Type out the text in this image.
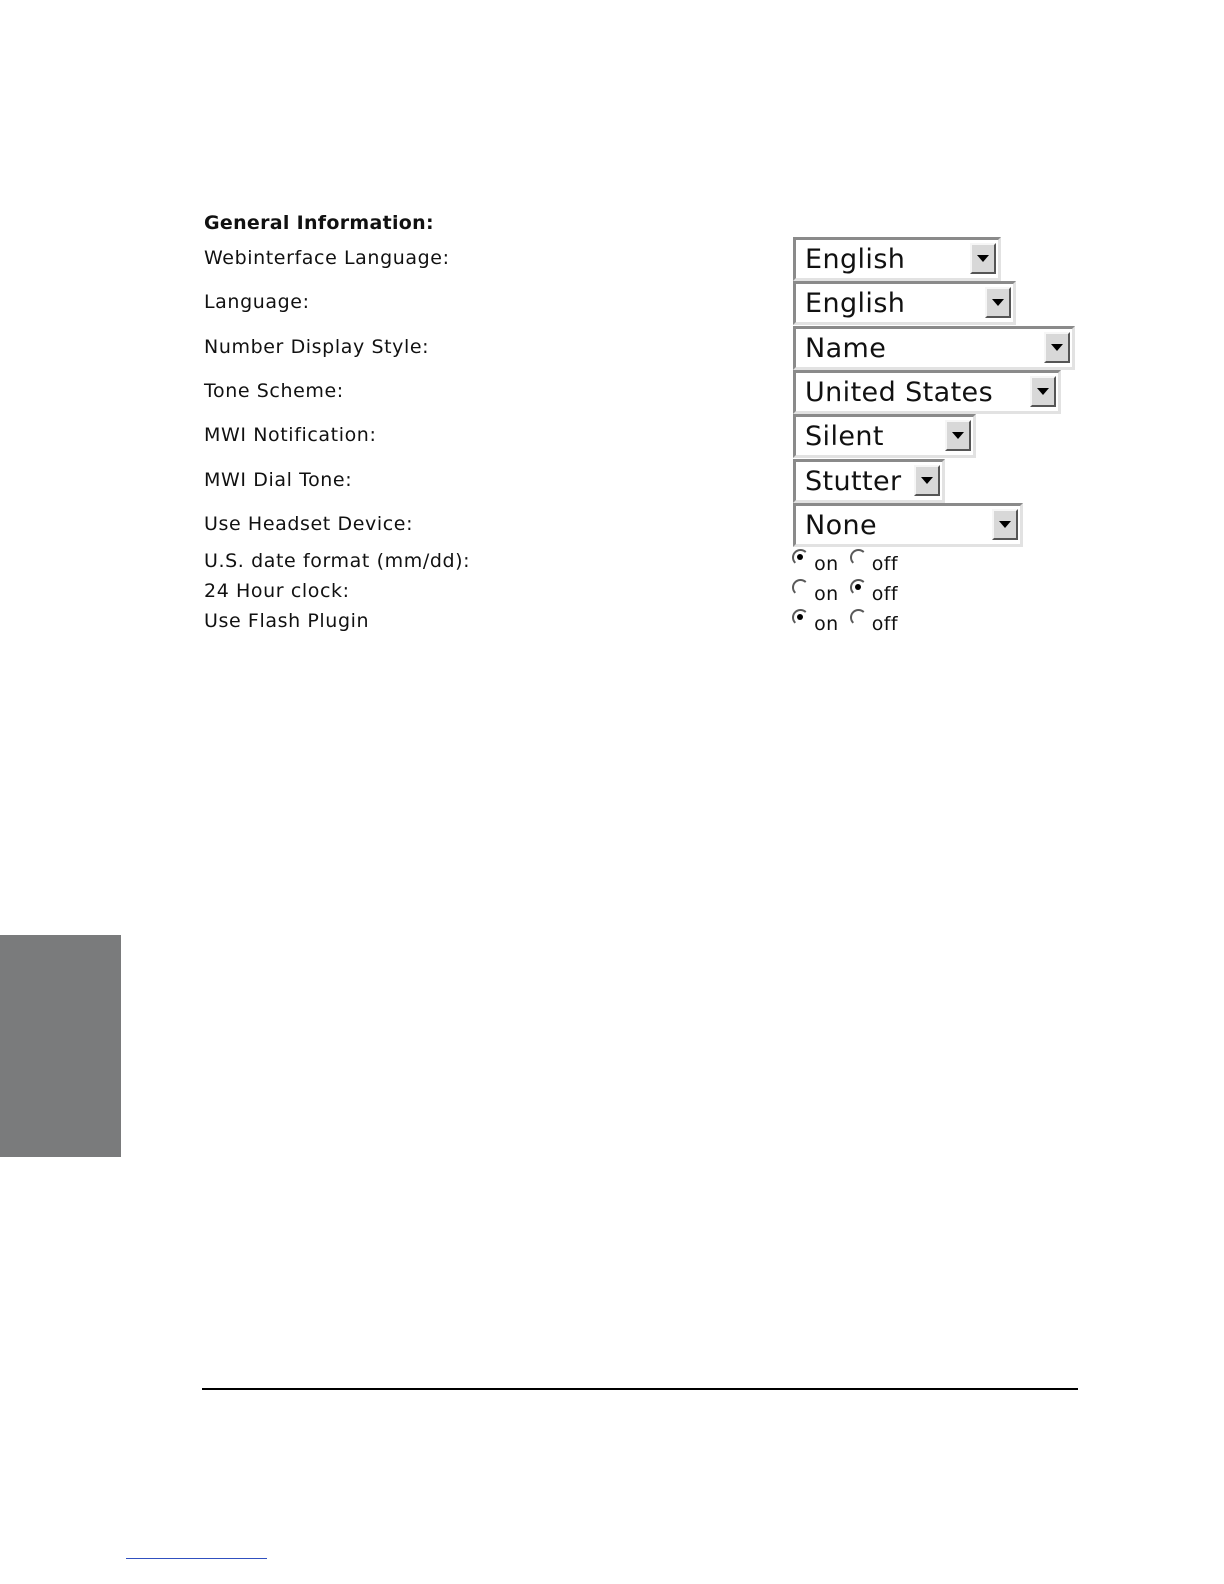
General Information:
Webinterface Language:	English
Language:	English
Number Display Style:	Name
Tone Scheme:	United States
MWI Notification:	Silent
MWI Dial Tone:	Stutter
Use Headset Device:	None
U.S. date format (mm/dd):	on off
24 Hour clock:	on off
Use Flash Plugin	on off
